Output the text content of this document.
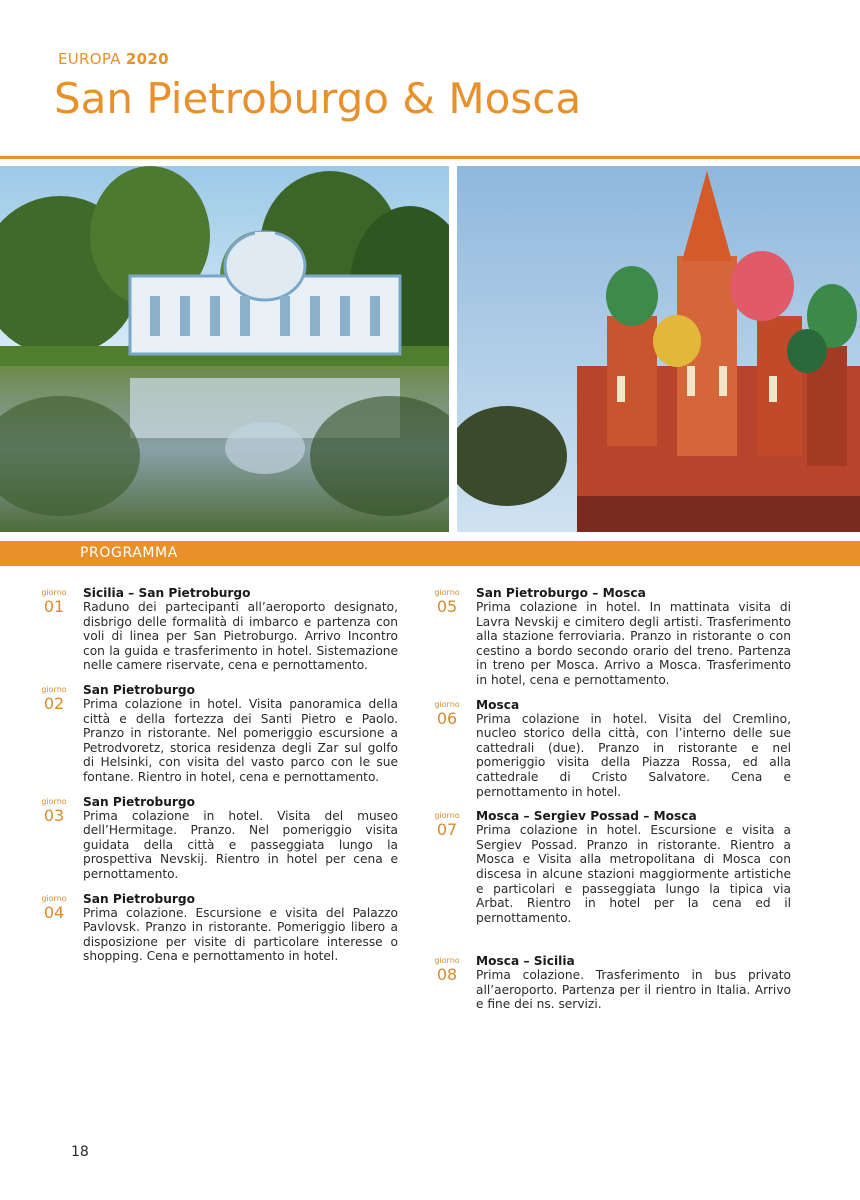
EUROPA 2020
San Pietroburgo & Mosca
PROGRAMMA
giorno
01
Sicilia – San Pietroburgo
Raduno dei partecipanti all’aeroporto designato, disbrigo delle formalità di imbarco e partenza con voli di linea per San Pietroburgo. Arrivo Incontro con la guida e trasferimento in hotel. Sistemazione nelle camere riservate, cena e pernottamento.
giorno
02
San Pietroburgo
Prima colazione in hotel. Visita panoramica della città e della fortezza dei Santi Pietro e Paolo. Pranzo in ristorante. Nel pomeriggio escursione a Petrodvoretz, storica residenza degli Zar sul golfo di Helsinki, con visita del vasto parco con le sue fontane. Rientro in hotel, cena e pernottamento.
giorno
03
San Pietroburgo
Prima colazione in hotel. Visita del museo dell’Hermitage. Pranzo. Nel pomeriggio visita guidata della città e passeggiata lungo la prospettiva Nevskij. Rientro in hotel per cena e pernottamento.
giorno
04
San Pietroburgo
Prima colazione. Escursione e visita del Palazzo Pavlovsk. Pranzo in ristorante. Pomeriggio libero a disposizione per visite di particolare interesse o shopping. Cena e pernottamento in hotel.
giorno
05
San Pietroburgo – Mosca
Prima colazione in hotel. In mattinata visita di Lavra Nevskij e cimitero degli artisti. Trasferimento alla stazione ferroviaria. Pranzo in ristorante o con cestino a bordo secondo orario del treno. Partenza in treno per Mosca. Arrivo a Mosca. Trasferimento in hotel, cena e pernottamento.
giorno
06
Mosca
Prima colazione in hotel. Visita del Cremlino, nucleo storico della città, con l’interno delle sue cattedrali (due). Pranzo in ristorante e nel pomeriggio visita della Piazza Rossa, ed alla cattedrale di Cristo Salvatore. Cena e pernottamento in hotel.
giorno
07
Mosca – Sergiev Possad – Mosca
Prima colazione in hotel. Escursione e visita a Sergiev Possad. Pranzo in ristorante. Rientro a Mosca e Visita alla metropolitana di Mosca con discesa in alcune stazioni maggiormente artistiche e particolari e passeggiata lungo la tipica via Arbat. Rientro in hotel per la cena ed il pernottamento.
giorno
08
Mosca – Sicilia
Prima colazione. Trasferimento in bus privato all’aeroporto. Partenza per il rientro in Italia. Arrivo e fine dei ns. servizi.
18
